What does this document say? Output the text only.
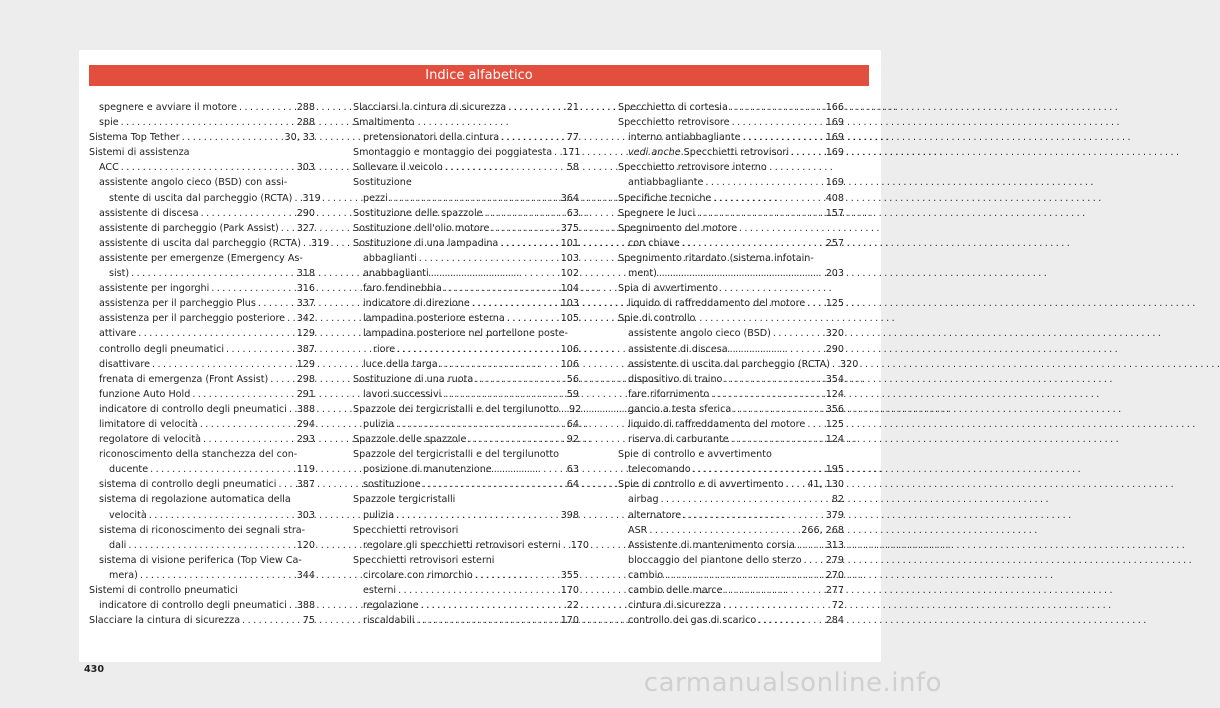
Indice alfabetico
spegnere e avviare il motore . . .	288
spie . . .	288
Sistema Top Tether . . .	30, 33
Sistemi di assistenza
ACC . . .	303
assistente angolo cieco (BSD) con assi-
stente di uscita dal parcheggio (RCTA) . . . 319
assistente di discesa . . .	290
assistente di parcheggio (Park Assist) . . . 327
assistente di uscita dal parcheggio (RCTA) . . . 319
assistente per emergenze (Emergency As-
sist) . . .	318
assistente per ingorghi . . .	316
assistenza per il parcheggio Plus . . .	337
assistenza per il parcheggio posteriore . . . 342
attivare . . .	129
controllo degli pneumatici . . .	387
disattivare . . .	129
frenata di emergenza (Front Assist) . . .	298
funzione Auto Hold . . .	291
indicatore di controllo degli pneumatici . . . 388
limitatore di velocità . . .	294
regolatore di velocità . . .	293
riconoscimento della stanchezza del con-
ducente . . .	119
sistema di controllo degli pneumatici . . . 387
sistema di regolazione automatica della
velocità . . .	303
sistema di riconoscimento dei segnali stra-
dali . . .	120
sistema di visione periferica (Top View Ca-
mera) . . .	344
Sistemi di controllo pneumatici
indicatore di controllo degli pneumatici . . . 388
Slacciare la cintura di sicurezza . . .	75
Slacciarsi la cintura di sicurezza . . .	21
Smaltimento
pretensionatori della cintura . . .	77
Smontaggio e montaggio dei poggiatesta . . . 171
Sollevare il veicolo . . .	58
Sostituzione
pezzi . . .	364
Sostituzione delle spazzole . . .	63
Sostituzione dell'olio motore . . .	375
Sostituzione di una lampadina . . .	101
abbaglianti . . .	103
anabbaglianti . . .	102
faro fendinebbia . . .	104
indicatore di direzione . . .	103
lampadina posteriore esterna . . .	105
lampadina posteriore nel portellone poste-
riore . . .	106
luce della targa . . .	106
Sostituzione di una ruota . . .	56
lavori successivi . . .	59
Spazzole dei tergicristalli e del tergilunotto . . . 92
pulizia . . .	64
Spazzole delle spazzole . . .	92
Spazzole del tergicristalli e del tergilunotto
posizione di manutenzione . . .	63
sostituzione . . .	64
Spazzole tergicristalli
pulizia . . .	398
Specchietti retrovisori
regolare gli specchietti retrovisori esterni . . . 170
Specchietti retrovisori esterni
circolare con rimorchio . . .	355
esterni . . .	170
regolazione . . .	22
riscaldabili . . .	170
Specchietto di cortesia . . .	166
Specchietto retrovisore . . .	169
interno antiabbagliante . . .	169
vedi anche Specchietti retrovisori . . .	169
Specchietto retrovisore interno
antiabbagliante . . .	169
Specifiche tecniche . . .	408
Spegnere le luci . . .	157
Spegnimento del motore
con chiave . . .	257
Spegnimento ritardato (sistema infotain-
ment) . . .	203
Spia di avvertimento
liquido di raffreddamento del motore . . . 125
Spie di controllo
assistente angolo cieco (BSD) . . .	320
assistente di discesa . . .	290
assistente di uscita dal parcheggio (RCTA) . . . 320
dispositivo di traino . . .	354
fare rifornimento . . .	124
gancio a testa sferica . . .	356
liquido di raffreddamento del motore . . . 125
riserva di carburante . . .	124
Spie di controllo e avvertimento
telecomando . . .	195
Spie di controllo e di avvertimento . . . 41, 130
airbag . . .	82
alternatore . . .	379
ASR . . .	266, 268
Assistente di mantenimento corsia . . .	313
bloccaggio del piantone dello sterzo . . .	279
cambio . . .	270
cambio delle marce . . .	277
cintura di sicurezza . . .	72
controllo dei gas di scarico . . .	284
430	carmanualsonline.info
